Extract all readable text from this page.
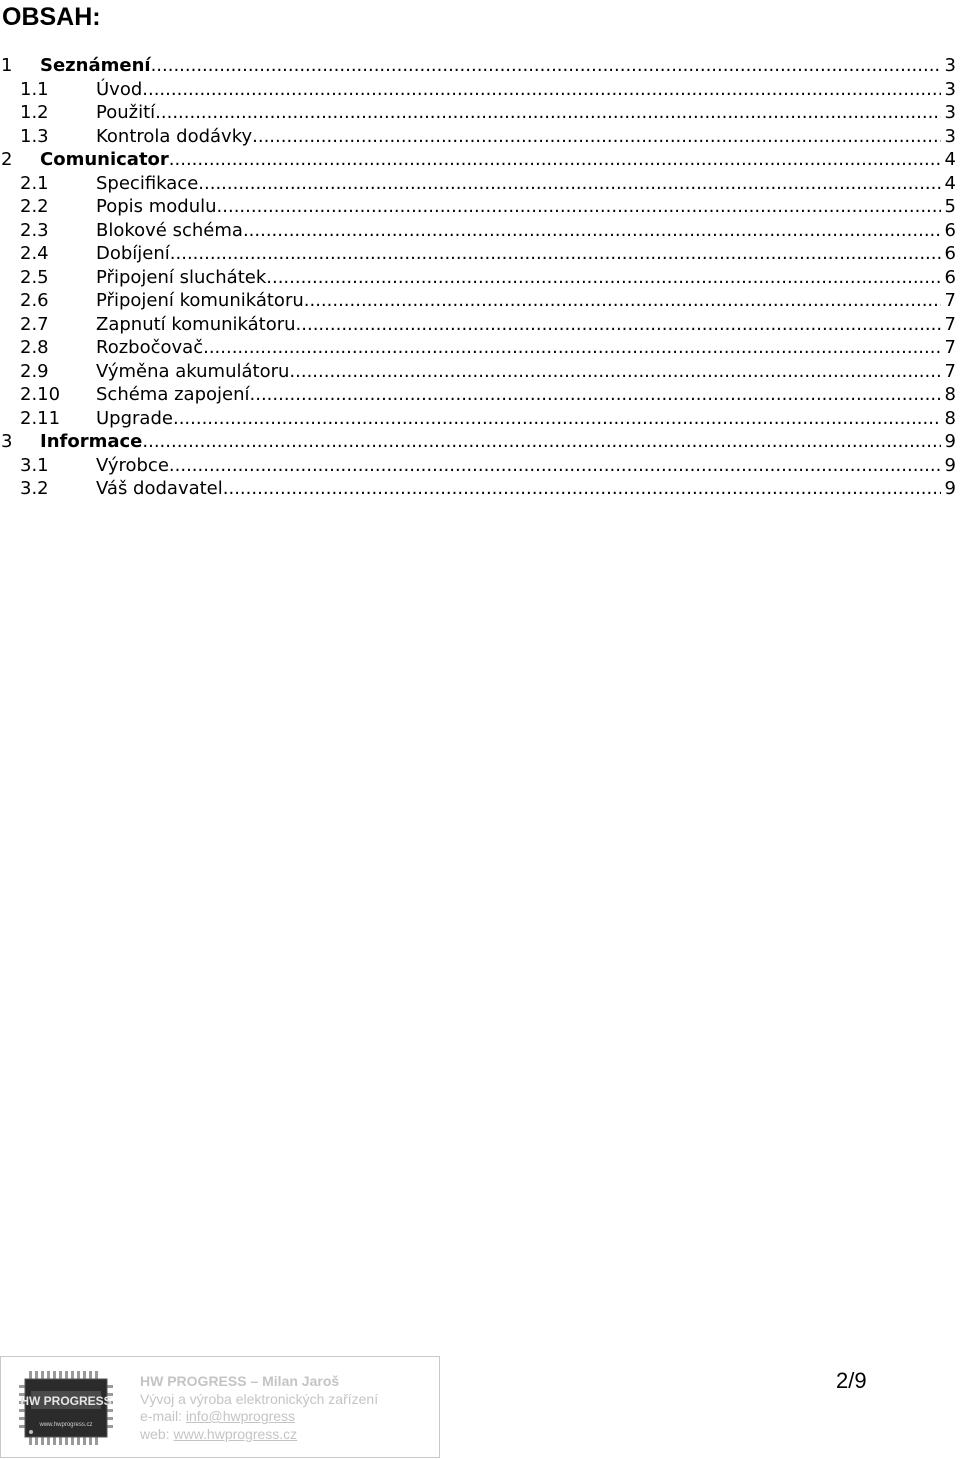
OBSAH:
1	Seznámení .....	3
1.1	Úvod .....	3
1.2	Použití .....	3
1.3	Kontrola dodávky .....	3
2	Comunicator .....	4
2.1	Specifikace .....	4
2.2	Popis modulu .....	5
2.3	Blokové schéma .....	6
2.4	Dobíjení .....	6
2.5	Připojení sluchátek .....	6
2.6	Připojení komunikátoru .....	7
2.7	Zapnutí komunikátoru .....	7
2.8	Rozbočovač .....	7
2.9	Výměna akumulátoru .....	7
2.10	Schéma zapojení .....	8
2.11	Upgrade .....	8
3	Informace .....	9
3.1	Výrobce .....	9
3.2	Váš dodavatel .....	9
HW PROGRESS
www.hwprogress.cz
HW PROGRESS – Milan Jaroš
Vývoj a výroba elektronických zařízení
e-mail: info@hwprogress
web: www.hwprogress.cz
2/9
